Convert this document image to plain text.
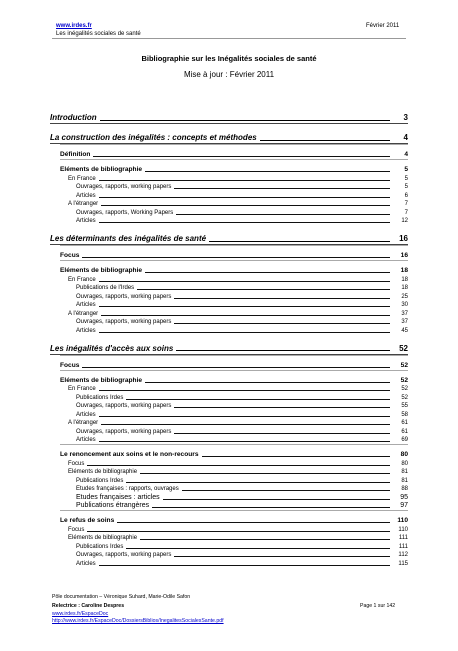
www.irdes.fr
Les inégalités sociales de santé
Février 2011
Bibliographie sur les Inégalités sociales de santé
Mise à jour : Février 2011
Introduction	3
La construction des inégalités : concepts et méthodes	4
Définition	4
Eléments de bibliographie	5
En France	5
Ouvrages, rapports, working papers	5
Articles	6
A l'étranger	7
Ouvrages, rapports, Working Papers	7
Articles	12
Les déterminants des inégalités de santé	16
Focus	16
Eléments de bibliographie	18
En France	18
Publications de l'Irdes	18
Ouvrages, rapports, working papers	25
Articles	30
A l'étranger	37
Ouvrages, rapports, working papers	37
Articles	45
Les inégalités d'accès aux soins	52
Focus	52
Eléments de bibliographie	52
En France	52
Publications Irdes	52
Ouvrages, rapports, working papers	55
Articles	58
A l'étranger	61
Ouvrages, rapports, working papers	61
Articles	69
Le renoncement aux soins et le non-recours	80
Focus	80
Eléments de bibliographie	81
Publications Irdes	81
Etudes françaises : rapports, ouvrages	88
Etudes françaises : articles	95
Publications étrangères	97
Le refus de soins	110
Focus	110
Eléments de bibliographie	111
Publications Irdes	111
Ouvrages, rapports, working papers	112
Articles	115
Pôle documentation – Véronique Suhard, Marie-Odile Safon
Relectrice : Caroline Despres
www.irdes.fr/EspaceDoc
http://www.irdes.fr/EspaceDoc/DossiersBiblios/InegalitesSocialesSante.pdf
Page 1 sur 142
